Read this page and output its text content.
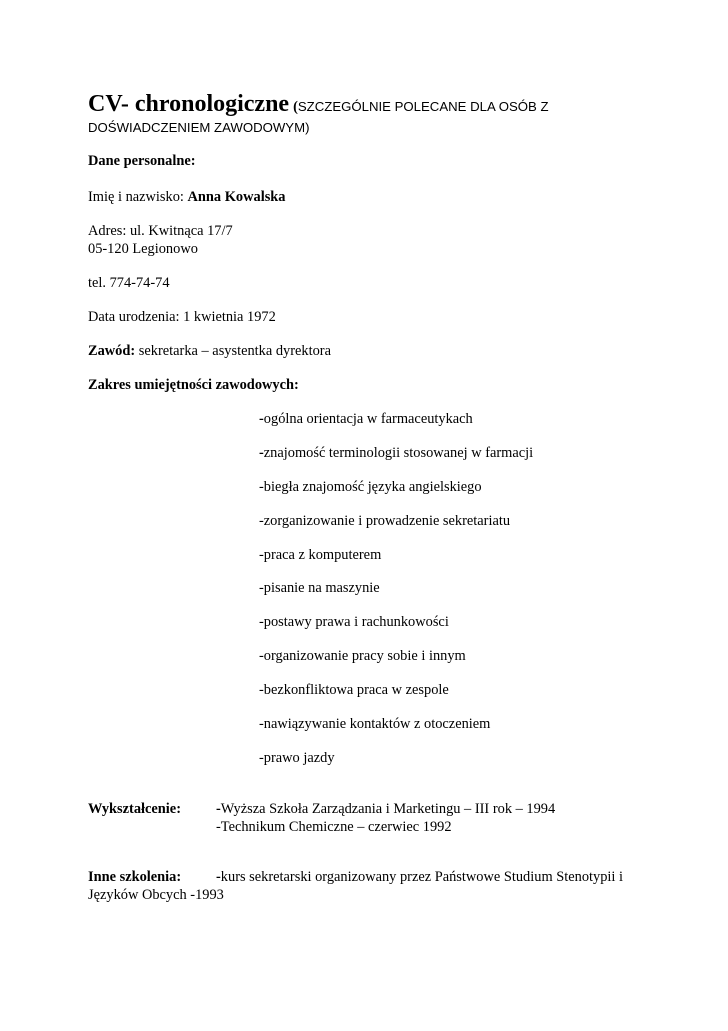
CV- chronologiczne (SZCZEGÓLNIE POLECANE DLA OSÓB Z
DOŚWIADCZENIEM ZAWODOWYM)
Dane personalne:
Imię i nazwisko: Anna Kowalska
Adres: ul. Kwitnąca 17/7
05-120 Legionowo
tel. 774-74-74
Data urodzenia: 1 kwietnia 1972
Zawód: sekretarka – asystentka dyrektora
Zakres umiejętności zawodowych:
-ogólna orientacja w farmaceutykach
-znajomość terminologii stosowanej w farmacji
-biegła znajomość języka angielskiego
-zorganizowanie i prowadzenie sekretariatu
-praca z komputerem
-pisanie na maszynie
-postawy prawa i rachunkowości
-organizowanie pracy sobie i innym
-bezkonfliktowa praca w zespole
-nawiązywanie kontaktów z otoczeniem
-prawo jazdy
Wykształcenie: -Wyższa Szkoła Zarządzania i Marketingu – III rok – 1994
-Technikum Chemiczne – czerwiec 1992
Inne szkolenia: -kurs sekretarski organizowany przez Państwowe Studium Stenotypii i
Języków Obcych -1993
